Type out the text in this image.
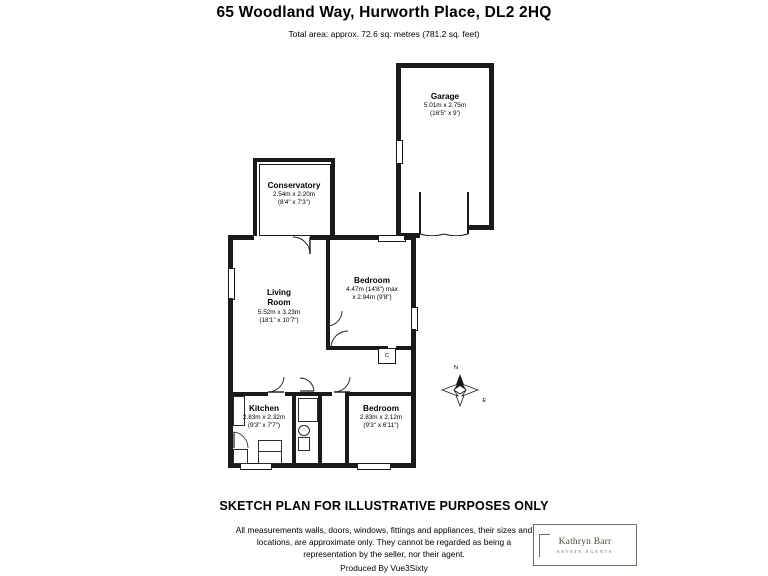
65 Woodland Way, Hurworth Place, DL2 2HQ
Total area: approx. 72.6 sq. metres (781.2 sq. feet)
Garage
5.01m x 2.75m
(16'5" x 9')
Conservatory
2.54m x 2.20m
(8'4" x 7'3")
C
N
E
Living
Room
5.52m x 3.23m
(18'1" x 10'7")
Bedroom
4.47m (14'8") max
x 2.94m (9'8")
Bedroom
2.83m x 2.12m
(9'3" x 6'11")
Kitchen
2.83m x 2.32m
(9'3" x 7'7")
SKETCH PLAN FOR ILLUSTRATIVE PURPOSES ONLY
All measurements walls, doors, windows, fittings and appliances, their sizes and
locations, are approximate only. They cannot be regarded as being a
representation by the seller, nor their agent.
Produced By Vue3Sixty
Kathryn Barr
ESTATE AGENTS
